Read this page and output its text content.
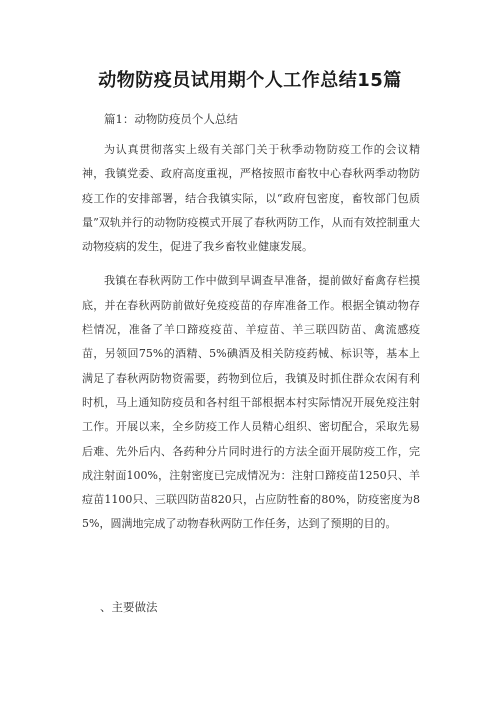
动物防疫员试用期个人工作总结15篇
篇1：动物防疫员个人总结

为认真贯彻落实上级有关部门关于秋季动物防疫工作的会议精神，我镇党委、政府高度重视，严格按照市畜牧中心春秋两季动物防疫工作的安排部署，结合我镇实际，以“政府包密度，畜牧部门包质量”双轨并行的动物防疫模式开展了春秋两防工作，从而有效控制重大动物疫病的发生，促进了我乡畜牧业健康发展。

我镇在春秋两防工作中做到早调查早准备，提前做好畜禽存栏摸底，并在春秋两防前做好免疫疫苗的存库准备工作。根据全镇动物存栏情况，准备了羊口蹄疫疫苗、羊痘苗、羊三联四防苗、禽流感疫苗，另领回75%的酒精、5%碘酒及相关防疫药械、标识等，基本上满足了春秋两防物资需要，药物到位后，我镇及时抓住群众农闲有利时机，马上通知防疫员和各村组干部根据本村实际情况开展免疫注射工作。开展以来，全乡防疫工作人员精心组织、密切配合，采取先易后难、先外后内、各药种分片同时进行的方法全面开展防疫工作，完成注射面100%，注射密度已完成情况为：注射口蹄疫苗1250只、羊痘苗1100只、三联四防苗820只，占应防牲畜的80%，防疫密度为85%，圆满地完成了动物春秋两防工作任务，达到了预期的目的。

、主要做法
